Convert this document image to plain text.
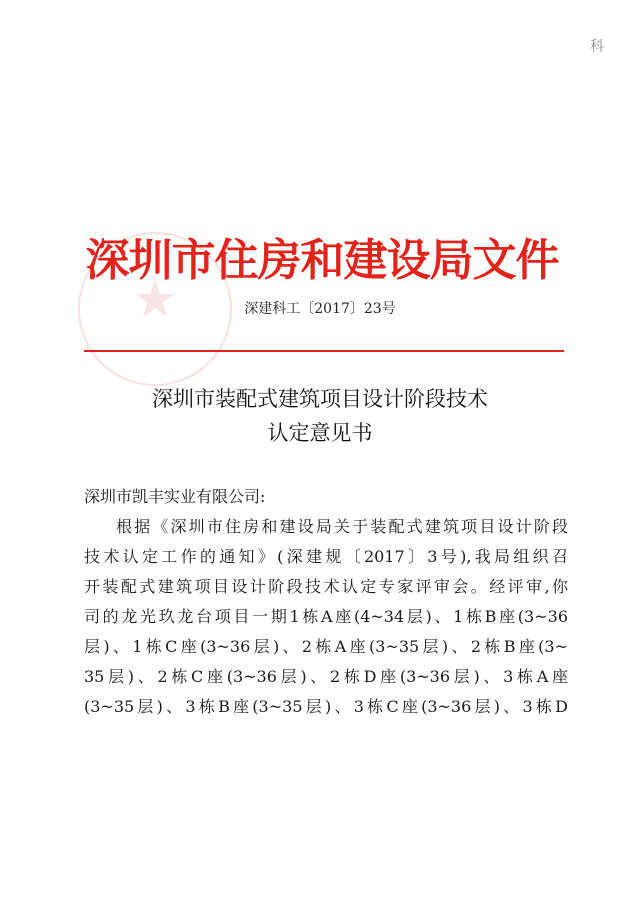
科
★
深圳市住房和建设局文件
深建科工〔2017〕23号
深圳市装配式建筑项目设计阶段技术
认定意见书
深圳市凯丰实业有限公司:
根据《深圳市住房和建设局关于装配式建筑项目设计阶段
技术认定工作的通知》(深建规〔2017〕3号),我局组织召
开装配式建筑项目设计阶段技术认定专家评审会。经评审,你
司的龙光玖龙台项目一期1栋A座(4~34层)、1栋B座(3~36
层)、1栋C座(3~36层)、2栋A座(3~35层)、2栋B座(3~
35层)、2栋C座(3~36层)、2栋D座(3~36层)、3栋A座
(3~35层)、3栋B座(3~35层)、3栋C座(3~36层)、3栋D
